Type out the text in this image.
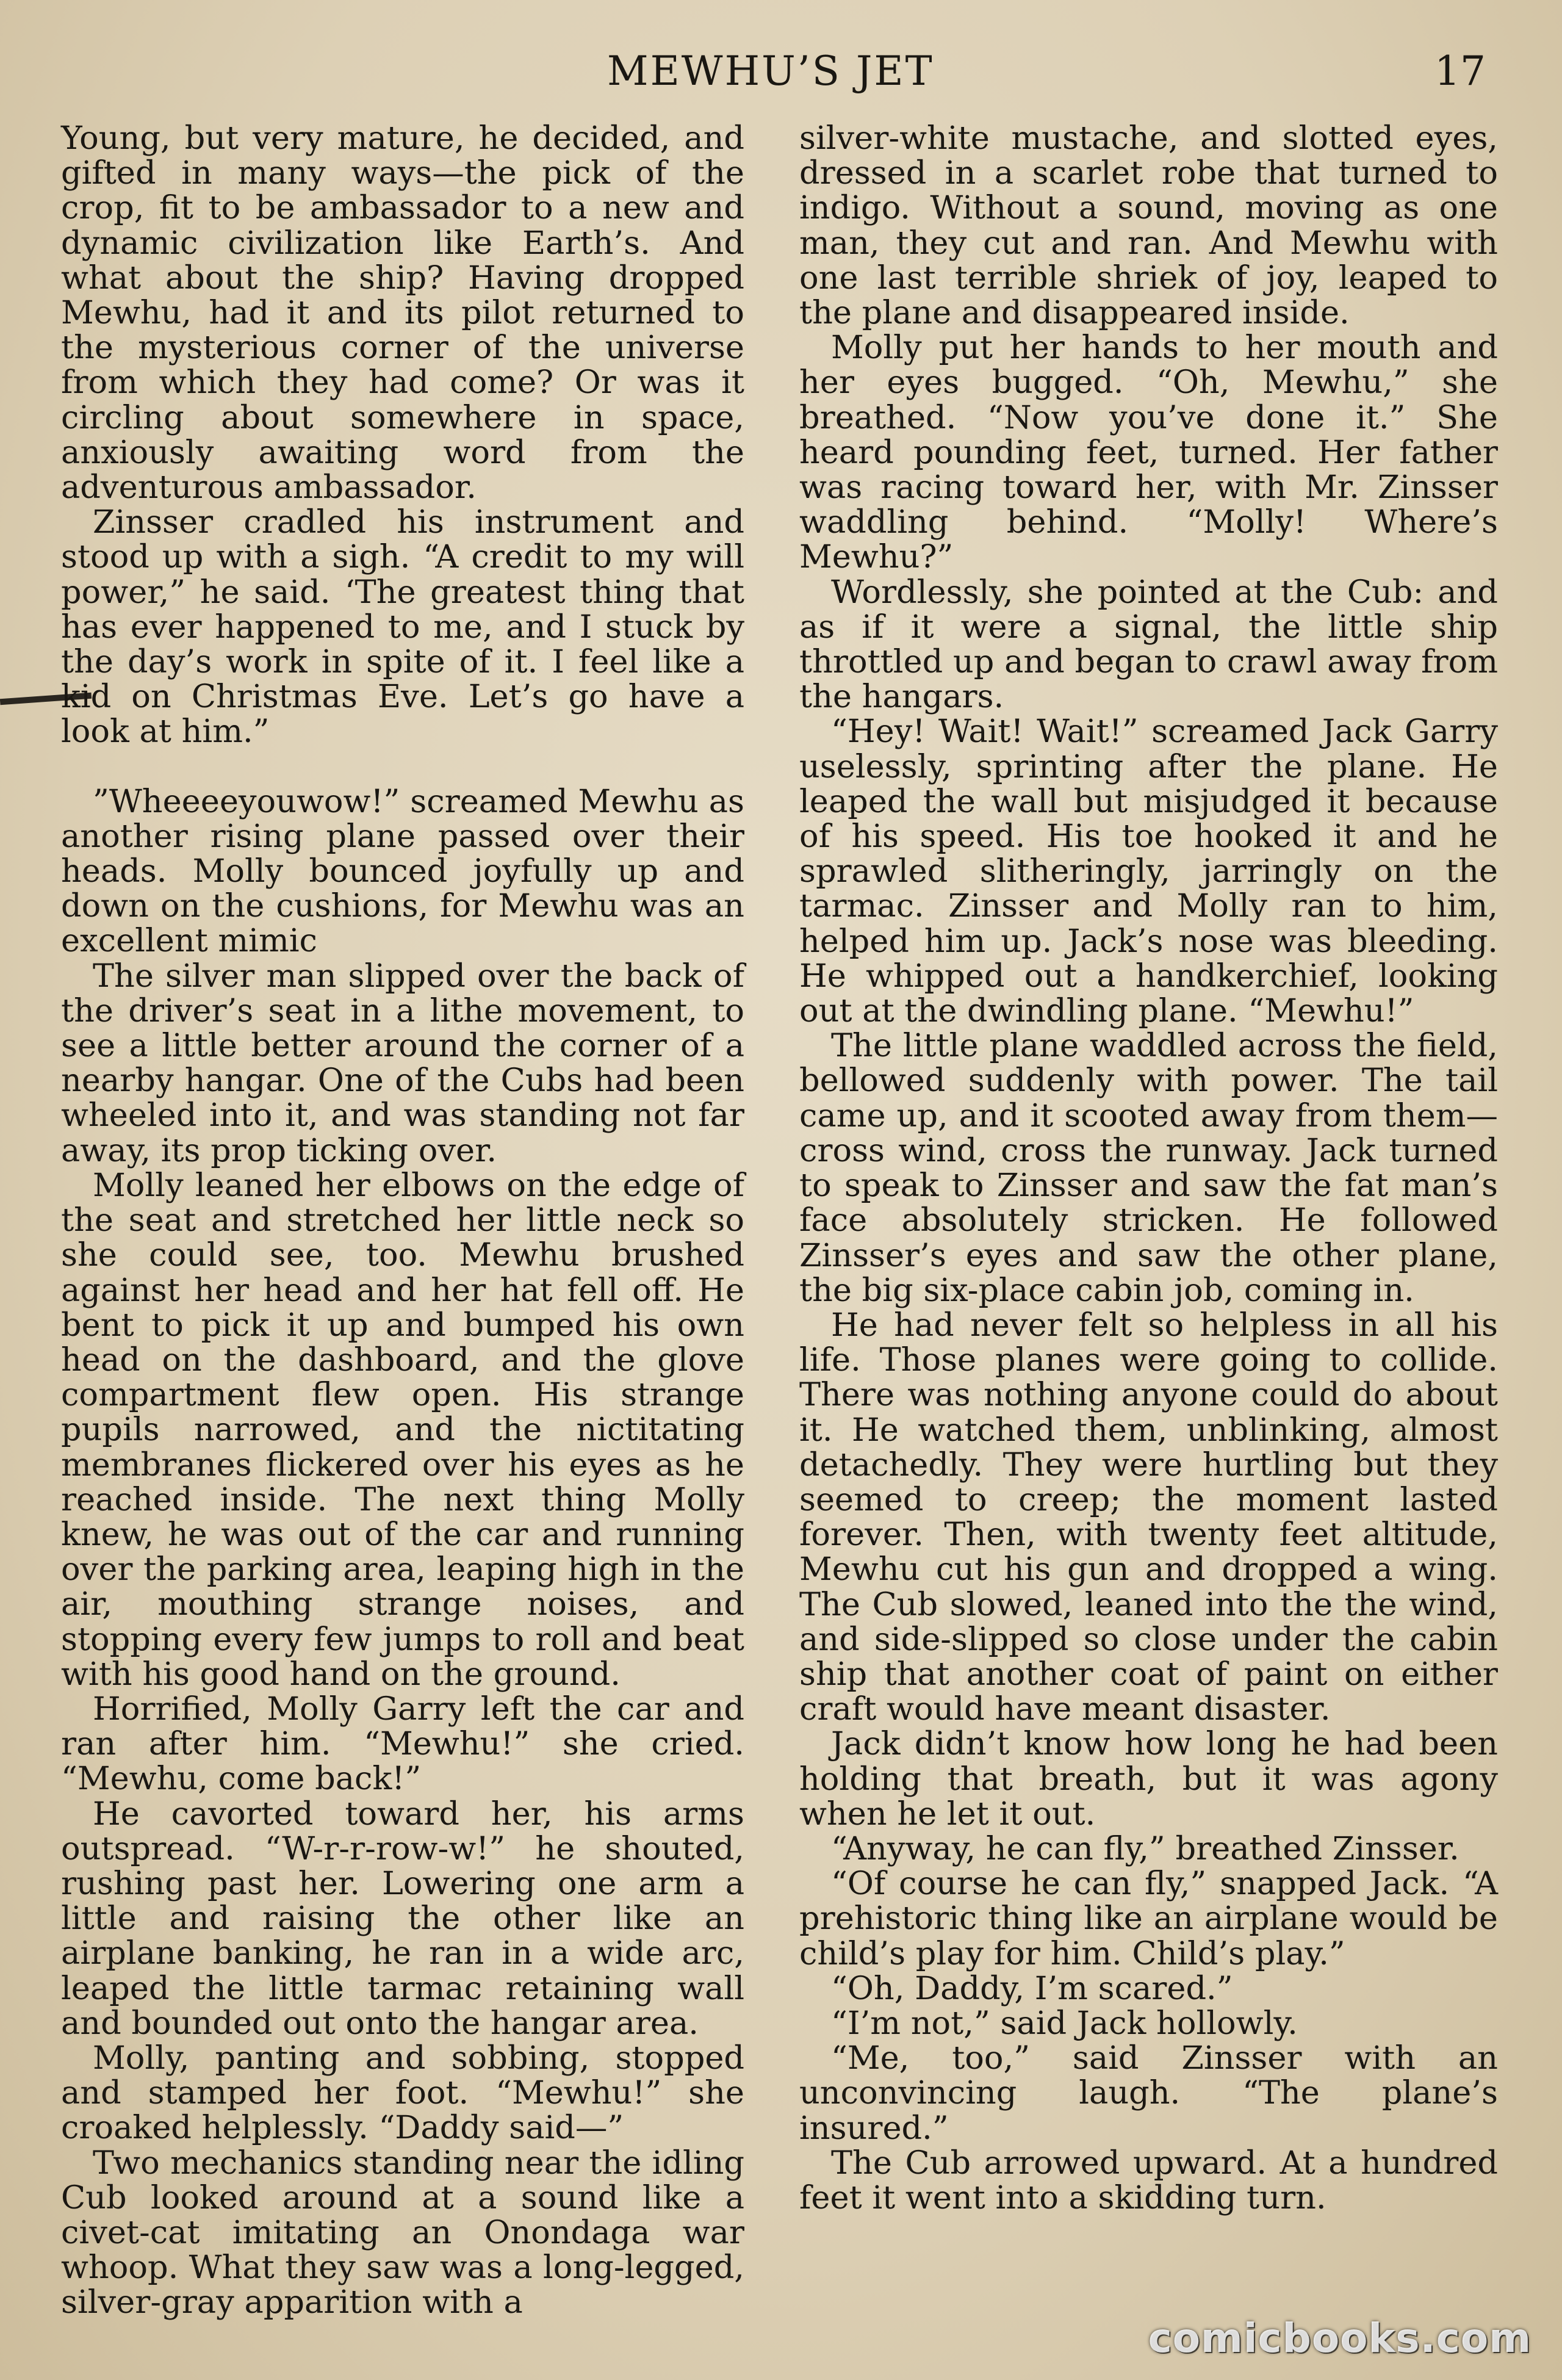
MEWHU’S JET	17

Young, but very mature, he decided, and gifted in many ways—the pick of the crop, fit to be ambassador to a new and dynamic civilization like Earth’s. And what about the ship? Having dropped Mewhu, had it and its pilot returned to the mysterious corner of the universe from which they had come? Or was it circling about somewhere in space, anxiously awaiting word from the adventurous ambassador.

Zinsser cradled his instrument and stood up with a sigh. “A credit to my will power,” he said. ‘The greatest thing that has ever happened to me, and I stuck by the day’s work in spite of it. I feel like a kid on Christmas Eve. Let’s go have a look at him.”

”Wheeeeyouwow!” screamed Mewhu as another rising plane passed over their heads. Molly bounced joyfully up and down on the cushions, for Mewhu was an excellent mimic

The silver man slipped over the back of the driver’s seat in a lithe movement, to see a little better around the corner of a nearby hangar. One of the Cubs had been wheeled into it, and was standing not far away, its prop ticking over.

Molly leaned her elbows on the edge of the seat and stretched her little neck so she could see, too. Mewhu brushed against her head and her hat fell off. He bent to pick it up and bumped his own head on the dashboard, and the glove compartment flew open. His strange pupils narrowed, and the nictitating membranes flickered over his eyes as he reached inside. The next thing Molly knew, he was out of the car and running over the parking area, leaping high in the air, mouthing strange noises, and stopping every few jumps to roll and beat with his good hand on the ground.

Horrified, Molly Garry left the car and ran after him. “Mewhu!” she cried. “Mewhu, come back!”

He cavorted toward her, his arms outspread. “W-r-r-row-w!” he shouted, rushing past her. Lowering one arm a little and raising the other like an airplane banking, he ran in a wide arc, leaped the little tarmac retaining wall and bounded out onto the hangar area.

Molly, panting and sobbing, stopped and stamped her foot. “Mewhu!” she croaked helplessly. “Daddy said—”

Two mechanics standing near the idling Cub looked around at a sound like a civet-cat imitating an Onondaga war whoop. What they saw was a long-legged, silver-gray apparition with a

silver-white mustache, and slotted eyes, dressed in a scarlet robe that turned to indigo. Without a sound, moving as one man, they cut and ran. And Mewhu with one last terrible shriek of joy, leaped to the plane and disappeared inside.

Molly put her hands to her mouth and her eyes bugged. “Oh, Mewhu,” she breathed. “Now you’ve done it.” She heard pounding feet, turned. Her father was racing toward her, with Mr. Zinsser waddling behind. “Molly! Where’s Mewhu?”

Wordlessly, she pointed at the Cub: and as if it were a signal, the little ship throttled up and began to crawl away from the hangars.

“Hey! Wait! Wait!” screamed Jack Garry uselessly, sprinting after the plane. He leaped the wall but misjudged it because of his speed. His toe hooked it and he sprawled slitheringly, jarringly on the tarmac. Zinsser and Molly ran to him, helped him up. Jack’s nose was bleeding. He whipped out a handkerchief, looking out at the dwindling plane. “Mewhu!”

The little plane waddled across the field, bellowed suddenly with power. The tail came up, and it scooted away from them—cross wind, cross the runway. Jack turned to speak to Zinsser and saw the fat man’s face absolutely stricken. He followed Zinsser’s eyes and saw the other plane, the big six-place cabin job, coming in.

He had never felt so helpless in all his life. Those planes were going to collide. There was nothing anyone could do about it. He watched them, unblinking, almost detachedly. They were hurtling but they seemed to creep; the moment lasted forever. Then, with twenty feet altitude, Mewhu cut his gun and dropped a wing. The Cub slowed, leaned into the the wind, and side-slipped so close under the cabin ship that another coat of paint on either craft would have meant disaster.

Jack didn’t know how long he had been holding that breath, but it was agony when he let it out.

“Anyway, he can fly,” breathed Zinsser.

“Of course he can fly,” snapped Jack. “A prehistoric thing like an airplane would be child’s play for him. Child’s play.”

“Oh, Daddy, I’m scared.”

“I’m not,” said Jack hollowly.

“Me, too,” said Zinsser with an unconvincing laugh. “The plane’s insured.”

The Cub arrowed upward. At a hundred feet it went into a skidding turn.

comicbooks.com
